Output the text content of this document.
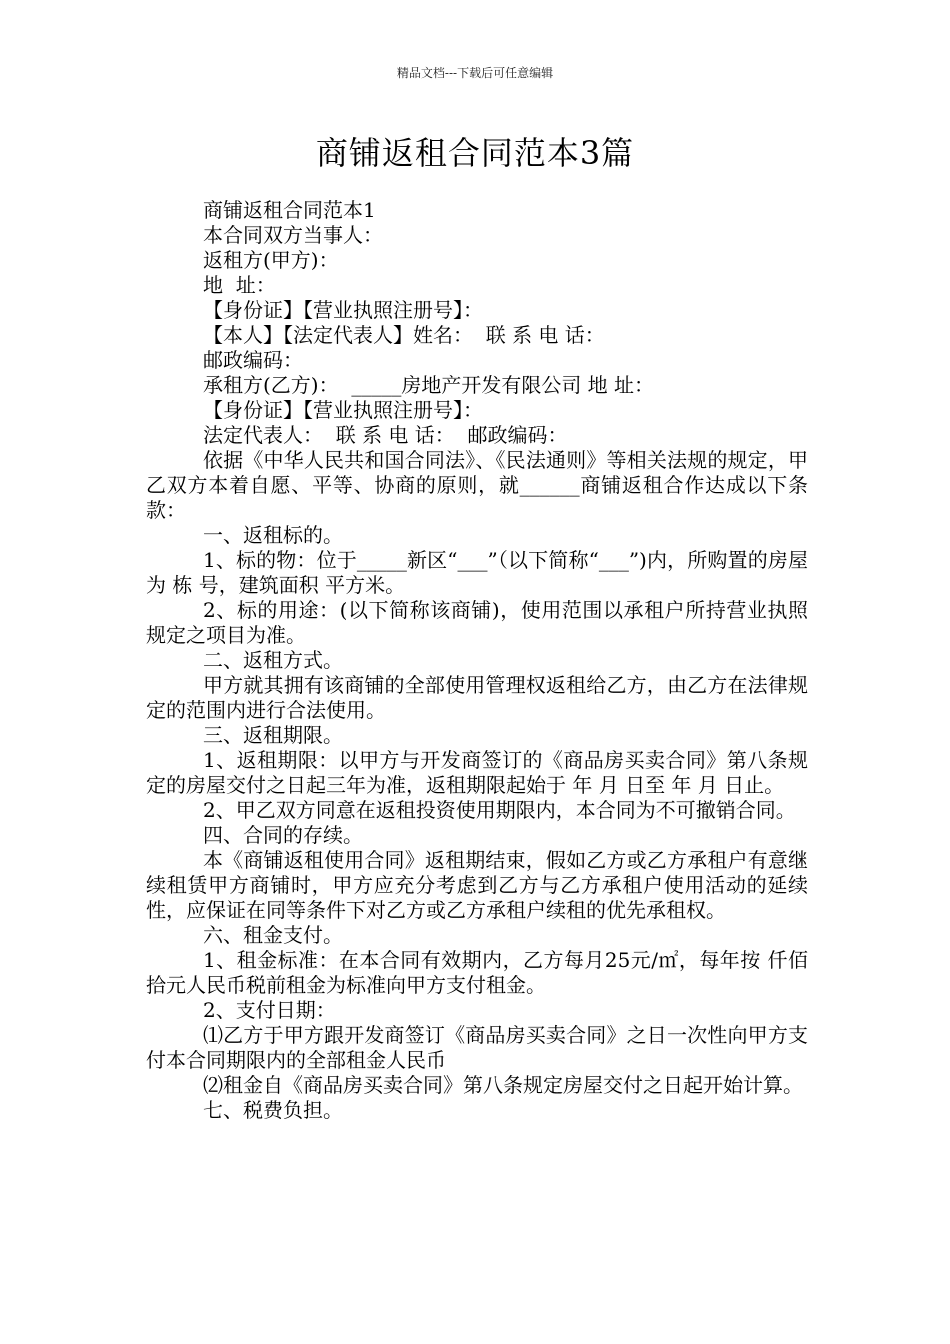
精品文档---下载后可任意编辑
商铺返租合同范本3篇
商铺返租合同范本1
本合同双方当事人：
返租方(甲方)：
地  址：
【身份证】【营业执照注册号】：
【本人】【法定代表人】姓名：  联 系 电 话：
邮政编码：
承租方(乙方)：  _____房地产开发有限公司 地 址：
【身份证】【营业执照注册号】：
法定代表人：  联 系 电 话：  邮政编码：
依据《中华人民共和国合同法》、《民法通则》等相关法规的规定，甲乙双方本着自愿、平等、协商的原则，就______商铺返租合作达成以下条款：
一、返租标的。
1、标的物：位于_____新区“___”（以下简称“___”)内，所购置的房屋为 栋 号，建筑面积 平方米。
2、标的用途：(以下简称该商铺)，使用范围以承租户所持营业执照规定之项目为准。
二、返租方式。
甲方就其拥有该商铺的全部使用管理权返租给乙方，由乙方在法律规定的范围内进行合法使用。
三、返租期限。
1、返租期限：以甲方与开发商签订的《商品房买卖合同》第八条规定的房屋交付之日起三年为准，返租期限起始于 年 月 日至 年 月 日止。
2、甲乙双方同意在返租投资使用期限内，本合同为不可撤销合同。
四、合同的存续。
本《商铺返租使用合同》返租期结束，假如乙方或乙方承租户有意继续租赁甲方商铺时，甲方应充分考虑到乙方与乙方承租户使用活动的延续性，应保证在同等条件下对乙方或乙方承租户续租的优先承租权。
六、租金支付。
1、租金标准：在本合同有效期内，乙方每月25元/㎡，每年按 仟佰 拾元人民币税前租金为标准向甲方支付租金。
2、支付日期：
⑴乙方于甲方跟开发商签订《商品房买卖合同》之日一次性向甲方支付本合同期限内的全部租金人民币
⑵租金自《商品房买卖合同》第八条规定房屋交付之日起开始计算。
七、税费负担。
